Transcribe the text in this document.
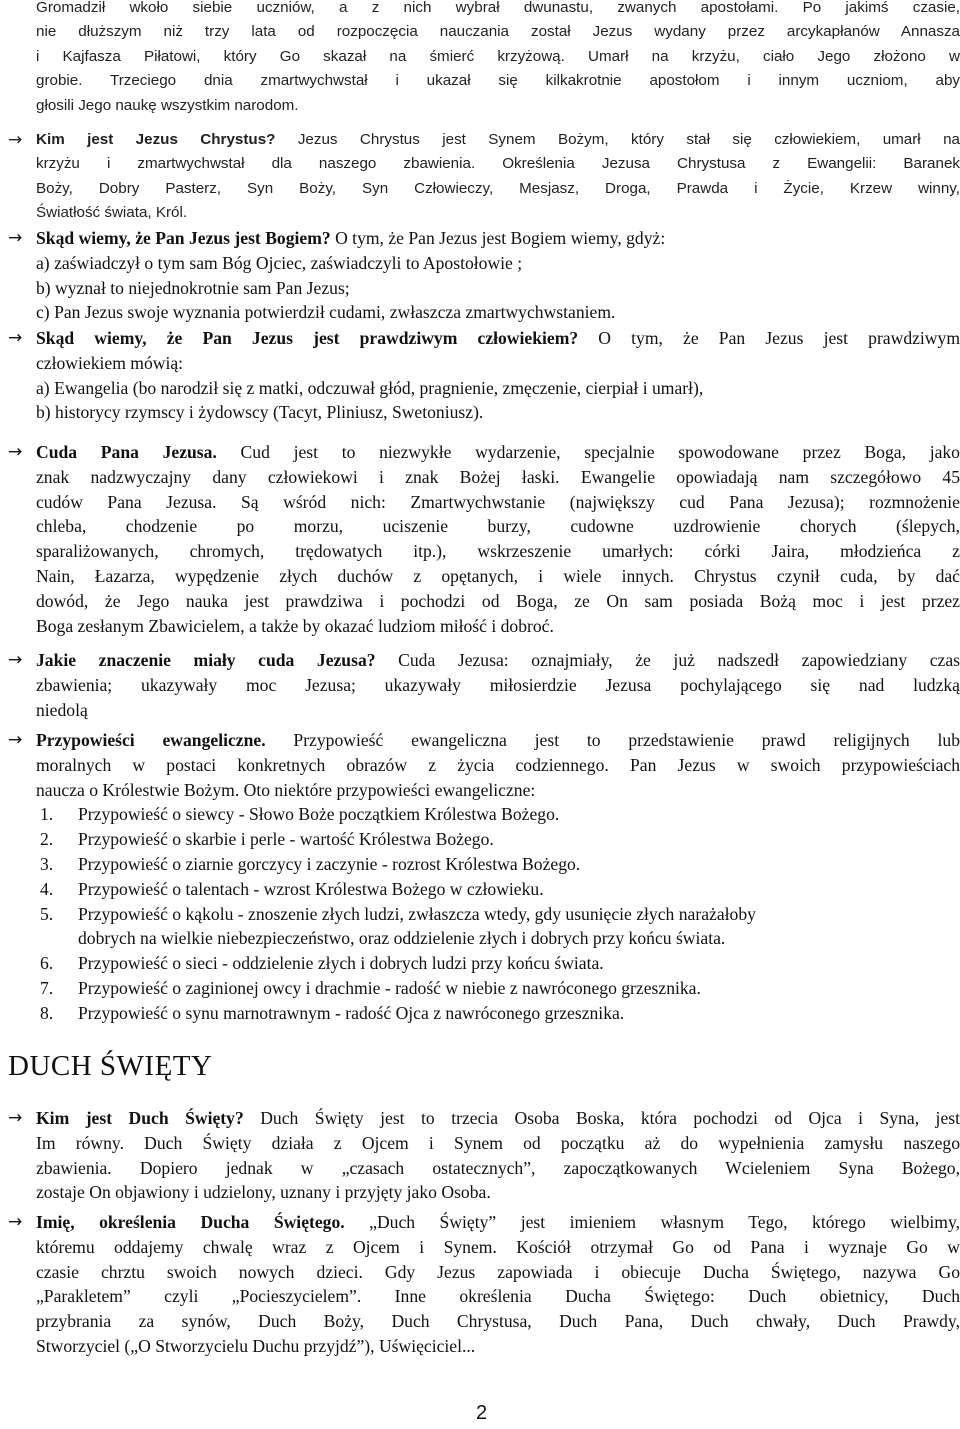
Gromadził wkoło siebie uczniów, a z nich wybrał dwunastu, zwanych apostołami. Po jakimś czasie,
nie dłuższym niż trzy lata od rozpoczęcia nauczania został Jezus wydany przez arcykapłanów Annasza
i Kajfasza Piłatowi, który Go skazał na śmierć krzyżową. Umarł na krzyżu, ciało Jego złożono w
grobie. Trzeciego dnia zmartwychwstał i ukazał się kilkakrotnie apostołom i innym uczniom, aby
głosili Jego naukę wszystkim narodom.
→ Kim jest Jezus Chrystus? Jezus Chrystus jest Synem Bożym, który stał się człowiekiem, umarł na
krzyżu i zmartwychwstał dla naszego zbawienia. Określenia Jezusa Chrystusa z Ewangelii: Baranek
Boży, Dobry Pasterz, Syn Boży, Syn Człowieczy, Mesjasz, Droga, Prawda i Życie, Krzew winny,
Światłość świata, Król.
→ Skąd wiemy, że Pan Jezus jest Bogiem? O tym, że Pan Jezus jest Bogiem wiemy, gdyż:
a) zaświadczył o tym sam Bóg Ojciec, zaświadczyli to Apostołowie ;
b) wyznał to niejednokrotnie sam Pan Jezus;
c) Pan Jezus swoje wyznania potwierdził cudami, zwłaszcza zmartwychwstaniem.
→ Skąd wiemy, że Pan Jezus jest prawdziwym człowiekiem? O tym, że Pan Jezus jest prawdziwym
człowiekiem mówią:
a) Ewangelia (bo narodził się z matki, odczuwał głód, pragnienie, zmęczenie, cierpiał i umarł),
b) historycy rzymscy i żydowscy (Tacyt, Pliniusz, Swetoniusz).
→ Cuda Pana Jezusa. Cud jest to niezwykłe wydarzenie, specjalnie spowodowane przez Boga, jako
znak nadzwyczajny dany człowiekowi i znak Bożej łaski. Ewangelie opowiadają nam szczegółowo 45
cudów Pana Jezusa. Są wśród nich: Zmartwychwstanie (największy cud Pana Jezusa); rozmnożenie
chleba, chodzenie po morzu, uciszenie burzy, cudowne uzdrowienie chorych (ślepych,
sparaliżowanych, chromych, trędowatych itp.), wskrzeszenie umarłych: córki Jaira, młodzieńca z
Nain, Łazarza, wypędzenie złych duchów z opętanych, i wiele innych. Chrystus czynił cuda, by dać
dowód, że Jego nauka jest prawdziwa i pochodzi od Boga, ze On sam posiada Bożą moc i jest przez
Boga zesłanym Zbawicielem, a także by okazać ludziom miłość i dobroć.
→ Jakie znaczenie miały cuda Jezusa? Cuda Jezusa: oznajmiały, że już nadszedł zapowiedziany czas
zbawienia; ukazywały moc Jezusa; ukazywały miłosierdzie Jezusa pochylającego się nad ludzką
niedolą
→ Przypowieści ewangeliczne. Przypowieść ewangeliczna jest to przedstawienie prawd religijnych lub
moralnych w postaci konkretnych obrazów z życia codziennego. Pan Jezus w swoich przypowieściach
naucza o Królestwie Bożym. Oto niektóre przypowieści ewangeliczne:
1. Przypowieść o siewcy - Słowo Boże początkiem Królestwa Bożego.
2. Przypowieść o skarbie i perle - wartość Królestwa Bożego.
3. Przypowieść o ziarnie gorczycy i zaczynie - rozrost Królestwa Bożego.
4. Przypowieść o talentach - wzrost Królestwa Bożego w człowieku.
5. Przypowieść o kąkolu - znoszenie złych ludzi, zwłaszcza wtedy, gdy usunięcie złych narażałoby
dobrych na wielkie niebezpieczeństwo, oraz oddzielenie złych i dobrych przy końcu świata.
6. Przypowieść o sieci - oddzielenie złych i dobrych ludzi przy końcu świata.
7. Przypowieść o zaginionej owcy i drachmie - radość w niebie z nawróconego grzesznika.
8. Przypowieść o synu marnotrawnym - radość Ojca z nawróconego grzesznika.
DUCH ŚWIĘTY
→ Kim jest Duch Święty? Duch Święty jest to trzecia Osoba Boska, która pochodzi od Ojca i Syna, jest
Im równy. Duch Święty działa z Ojcem i Synem od początku aż do wypełnienia zamysłu naszego
zbawienia. Dopiero jednak w „czasach ostatecznych”, zapoczątkowanych Wcieleniem Syna Bożego,
zostaje On objawiony i udzielony, uznany i przyjęty jako Osoba.
→ Imię, określenia Ducha Świętego. „Duch Święty” jest imieniem własnym Tego, którego wielbimy,
któremu oddajemy chwalę wraz z Ojcem i Synem. Kościół otrzymał Go od Pana i wyznaje Go w
czasie chrztu swoich nowych dzieci. Gdy Jezus zapowiada i obiecuje Ducha Świętego, nazywa Go
„Parakletem” czyli „Pocieszycielem”. Inne określenia Ducha Świętego: Duch obietnicy, Duch
przybrania za synów, Duch Boży, Duch Chrystusa, Duch Pana, Duch chwały, Duch Prawdy,
Stworzyciel („O Stworzycielu Duchu przyjdź”), Uświęciciel...
2
